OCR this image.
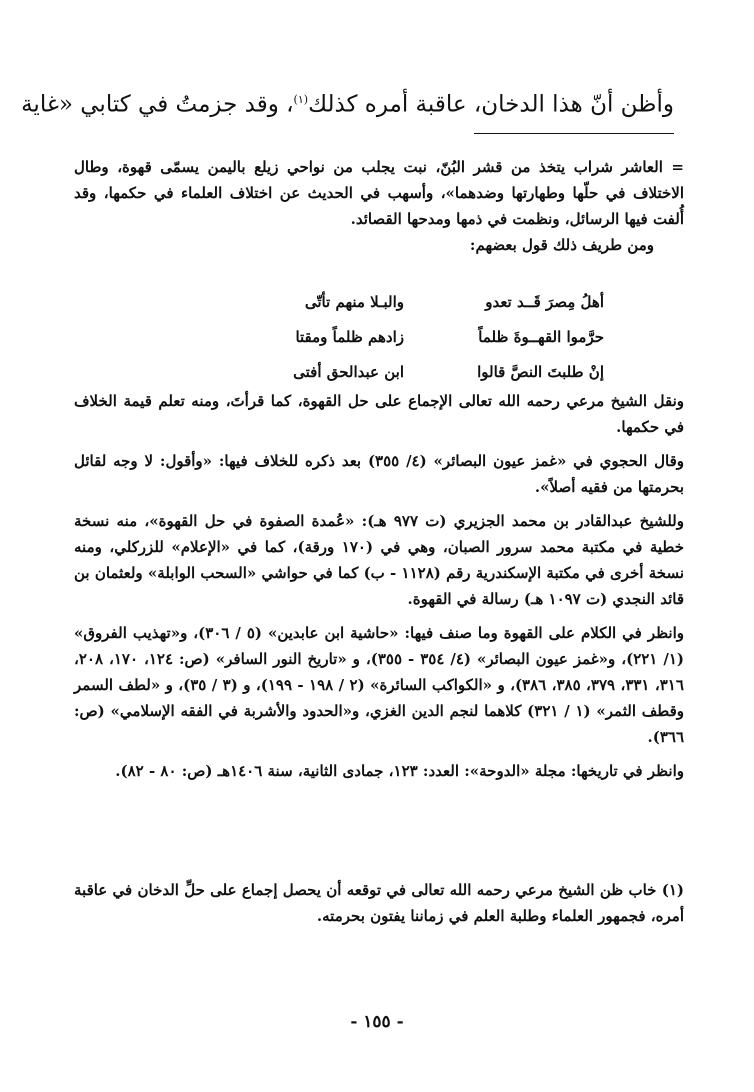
وأظن أنّ هذا الدخان، عاقبة أمره كذلك$^{(١)}$، وقد جزمتُ في كتابي «غاية

= العاشر شراب يتخذ من قشر البُنّ، نبت يجلب من نواحي زيلع باليمن يسمّى قهوة، وطال الاختلاف في حلّها وطهارتها وضدهما»، وأسهب في الحديث عن اختلاف العلماء في حكمها، وقد أُلفت فيها الرسائل، ونظمت في ذمها ومدحها القصائد.

ومن طريف ذلك قول بعضهم:

أهلُ مِصرَ قَــد تعدو
والبـلا منهم تأتّى
حرَّموا القهــوةَ ظلماً
زادهم ظلماً ومقتا
إنْ طلبتَ النصَّ قالوا
ابن عبدالحق أفتى

ونقل الشيخ مرعي رحمه الله تعالى الإجماع على حل القهوة، كما قرأتَ، ومنه تعلم قيمة الخلاف في حكمها.

وقال الحجوي في «غمز عيون البصائر» (٤/ ٣٥٥) بعد ذكره للخلاف فيها: «وأقول: لا وجه لقائل بحرمتها من فقيه أصلاً».

وللشيخ عبدالقادر بن محمد الجزيري (ت ٩٧٧ هـ): «عُمدة الصفوة في حل القهوة»، منه نسخة خطية في مكتبة محمد سرور الصبان، وهي في (١٧٠ ورقة)، كما في «الإعلام» للزركلي، ومنه نسخة أخرى في مكتبة الإسكندرية رقم (١١٢٨ - ب) كما في حواشي «السحب الوابلة» ولعثمان بن قائد النجدي (ت ١٠٩٧ هـ) رسالة في القهوة.

وانظر في الكلام على القهوة وما صنف فيها: «حاشية ابن عابدين» (٥ / ٣٠٦)، و«تهذيب الفروق» (١/ ٢٢١)، و«غمز عيون البصائر» (٤/ ٣٥٤ - ٣٥٥)، و «تاريخ النور السافر» (ص: ١٢٤، ١٧٠، ٢٠٨، ٣١٦، ٣٣١، ٣٧٩، ٣٨٥، ٣٨٦)، و «الكواكب السائرة» (٢ / ١٩٨ - ١٩٩)، و (٣ / ٣٥)، و «لطف السمر وقطف الثمر» (١ / ٣٢١) كلاهما لنجم الدين الغزي، و«الحدود والأشربة في الفقه الإسلامي» (ص: ٣٦٦).

وانظر في تاريخها: مجلة «الدوحة»: العدد: ١٢٣، جمادى الثانية، سنة ١٤٠٦هـ (ص: ٨٠ - ٨٢).

(١) خاب ظن الشيخ مرعي رحمه الله تعالى في توقعه أن يحصل إجماع على حلِّ الدخان في عاقبة أمره، فجمهور العلماء وطلبة العلم في زماننا يفتون بحرمته.

- ١٥٥ -
